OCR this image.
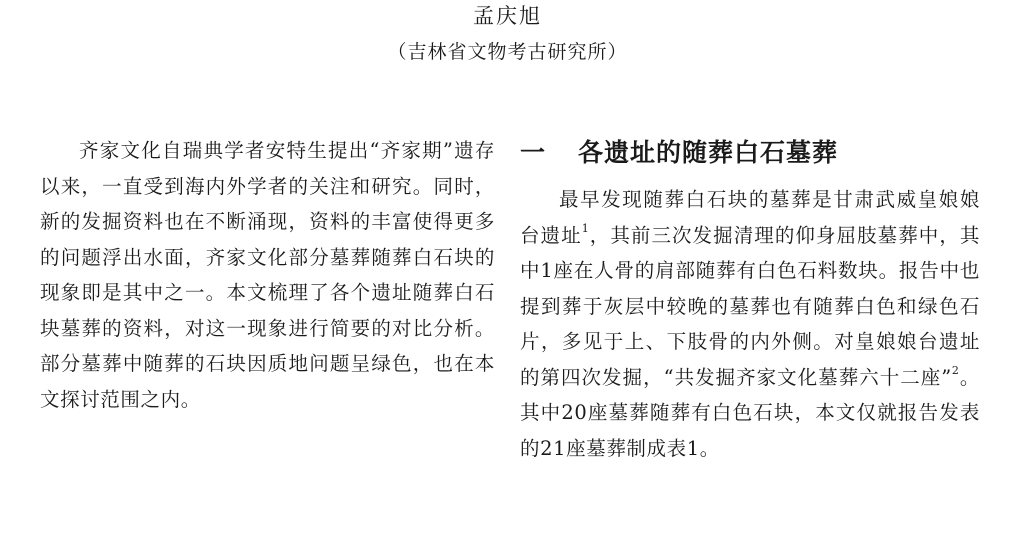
孟庆旭
（吉林省文物考古研究所）

齐家文化自瑞典学者安特生提出“齐家期”遗存以来，一直受到海内外学者的关注和研究。同时，新的发掘资料也在不断涌现，资料的丰富使得更多的问题浮出水面，齐家文化部分墓葬随葬白石块的现象即是其中之一。本文梳理了各个遗址随葬白石块墓葬的资料，对这一现象进行简要的对比分析。部分墓葬中随葬的石块因质地问题呈绿色，也在本文探讨范围之内。

一 各遗址的随葬白石墓葬

最早发现随葬白石块的墓葬是甘肃武威皇娘娘台遗址$^1$，其前三次发掘清理的仰身屈肢墓葬中，其中1座在人骨的肩部随葬有白色石料数块。报告中也提到葬于灰层中较晚的墓葬也有随葬白色和绿色石片，多见于上、下肢骨的内外侧。对皇娘娘台遗址的第四次发掘，“共发掘齐家文化墓葬六十二座”$^2$。其中20座墓葬随葬有白色石块，本文仅就报告发表的21座墓葬制成表1。
